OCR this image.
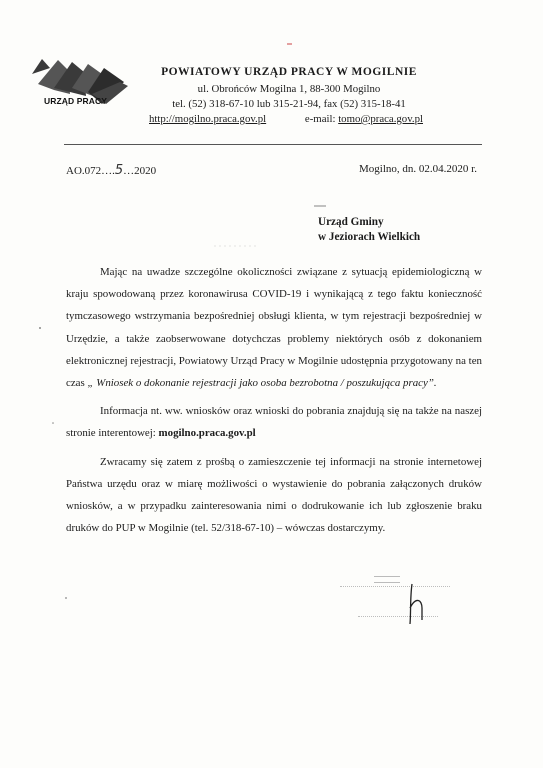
URZĄD PRACY
POWIATOWY URZĄD PRACY W MOGILNIE
ul. Obrońców Mogilna 1, 88-300 Mogilno
tel. (52) 318-67-10 lub 315-21-94, fax (52) 315-18-41
http://mogilno.praca.gov.pl	e-mail: tomo@praca.gov.pl
AO.072….5…2020	Mogilno, dn. 02.04.2020 r.
Urząd Gminy
w Jeziorach Wielkich

Mając na uwadze szczególne okoliczności związane z sytuacją epidemiologiczną w kraju spowodowaną przez koronawirusa COVID-19 i wynikającą z tego faktu konieczność tymczasowego wstrzymania bezpośredniej obsługi klienta, w tym rejestracji bezpośredniej w Urzędzie, a także zaobserwowane dotychczas problemy niektórych osób z dokonaniem elektronicznej rejestracji, Powiatowy Urząd Pracy w Mogilnie udostępnia przygotowany na ten czas „ Wniosek o dokonanie rejestracji jako osoba bezrobotna / poszukująca pracy”.

Informacja nt. ww. wniosków oraz wnioski do pobrania znajdują się na także na naszej stronie interentowej: mogilno.praca.gov.pl

Zwracamy się zatem z prośbą o zamieszczenie tej informacji na stronie internetowej Państwa urzędu oraz w miarę możliwości o wystawienie do pobrania załączonych druków wniosków, a w przypadku zainteresowania nimi o dodrukowanie ich lub zgłoszenie braku druków do PUP w Mogilnie (tel. 52/318-67-10) – wówczas dostarczymy.
